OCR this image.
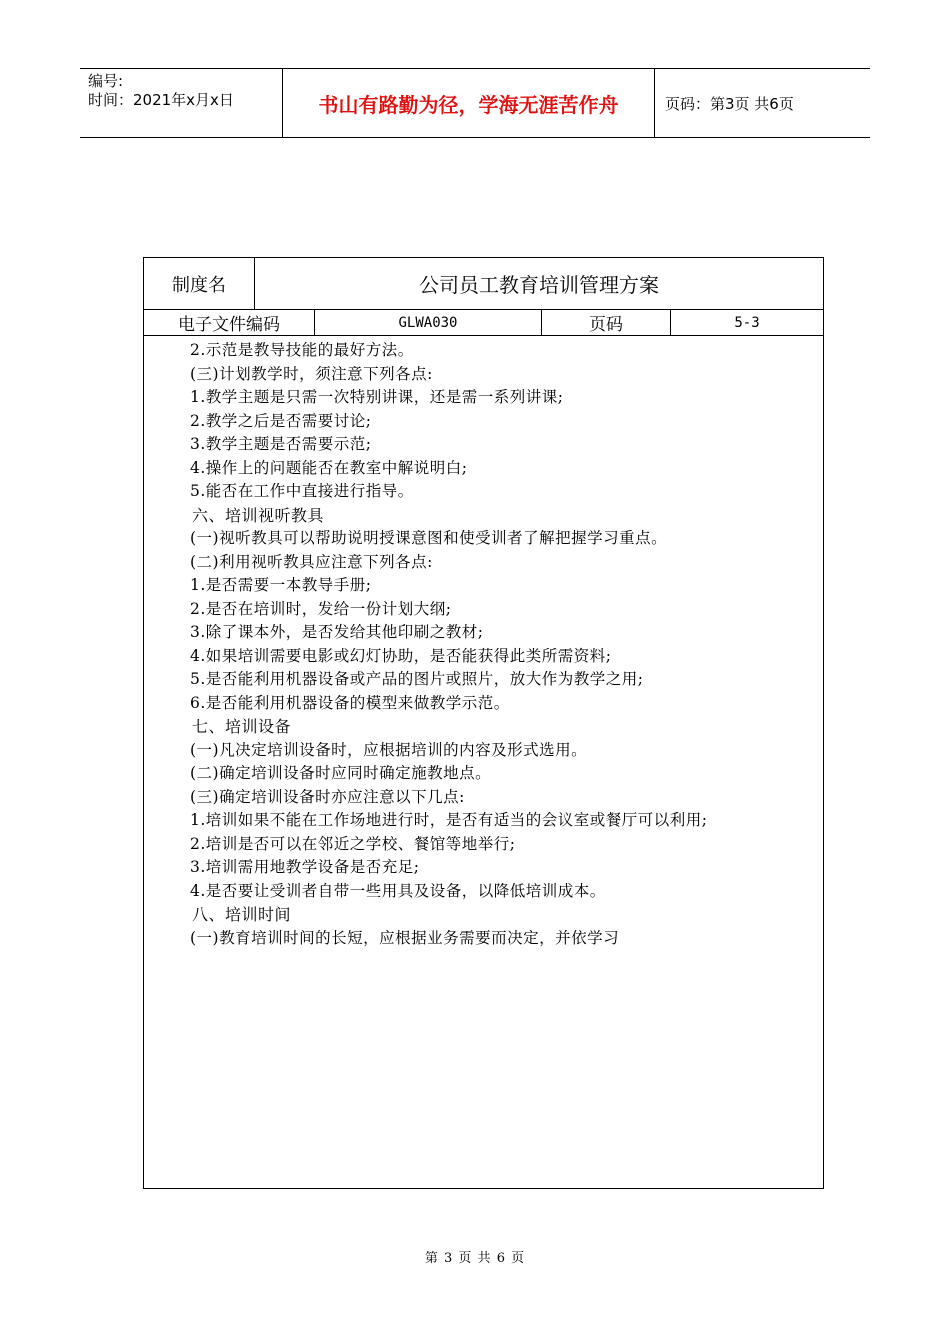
编号:
时间：2021年x月x日	书山有路勤为径，学海无涯苦作舟	页码：第3页 共6页
制度名	公司员工教育培训管理方案
电子文件编码	GLWA030	页码	5-3

2.示范是教导技能的最好方法。

(三)计划教学时，须注意下列各点:

1.教学主题是只需一次特别讲课，还是需一系列讲课;

2.教学之后是否需要讨论;

3.教学主题是否需要示范;

4.操作上的问题能否在教室中解说明白;

5.能否在工作中直接进行指导。

六、培训视听教具

(一)视听教具可以帮助说明授课意图和使受训者了解把握学习重点。

(二)利用视听教具应注意下列各点:

1.是否需要一本教导手册;

2.是否在培训时，发给一份计划大纲;

3.除了课本外，是否发给其他印刷之教材;

4.如果培训需要电影或幻灯协助，是否能获得此类所需资料;

5.是否能利用机器设备或产品的图片或照片，放大作为教学之用;

6.是否能利用机器设备的模型来做教学示范。

七、培训设备

(一)凡决定培训设备时，应根据培训的内容及形式选用。

(二)确定培训设备时应同时确定施教地点。

(三)确定培训设备时亦应注意以下几点:

1.培训如果不能在工作场地进行时，是否有适当的会议室或餐厅可以利用;

2.培训是否可以在邻近之学校、餐馆等地举行;

3.培训需用地教学设备是否充足;

4.是否要让受训者自带一些用具及设备，以降低培训成本。

八、培训时间

(一)教育培训时间的长短，应根据业务需要而决定，并依学习

第 3 页 共 6 页
